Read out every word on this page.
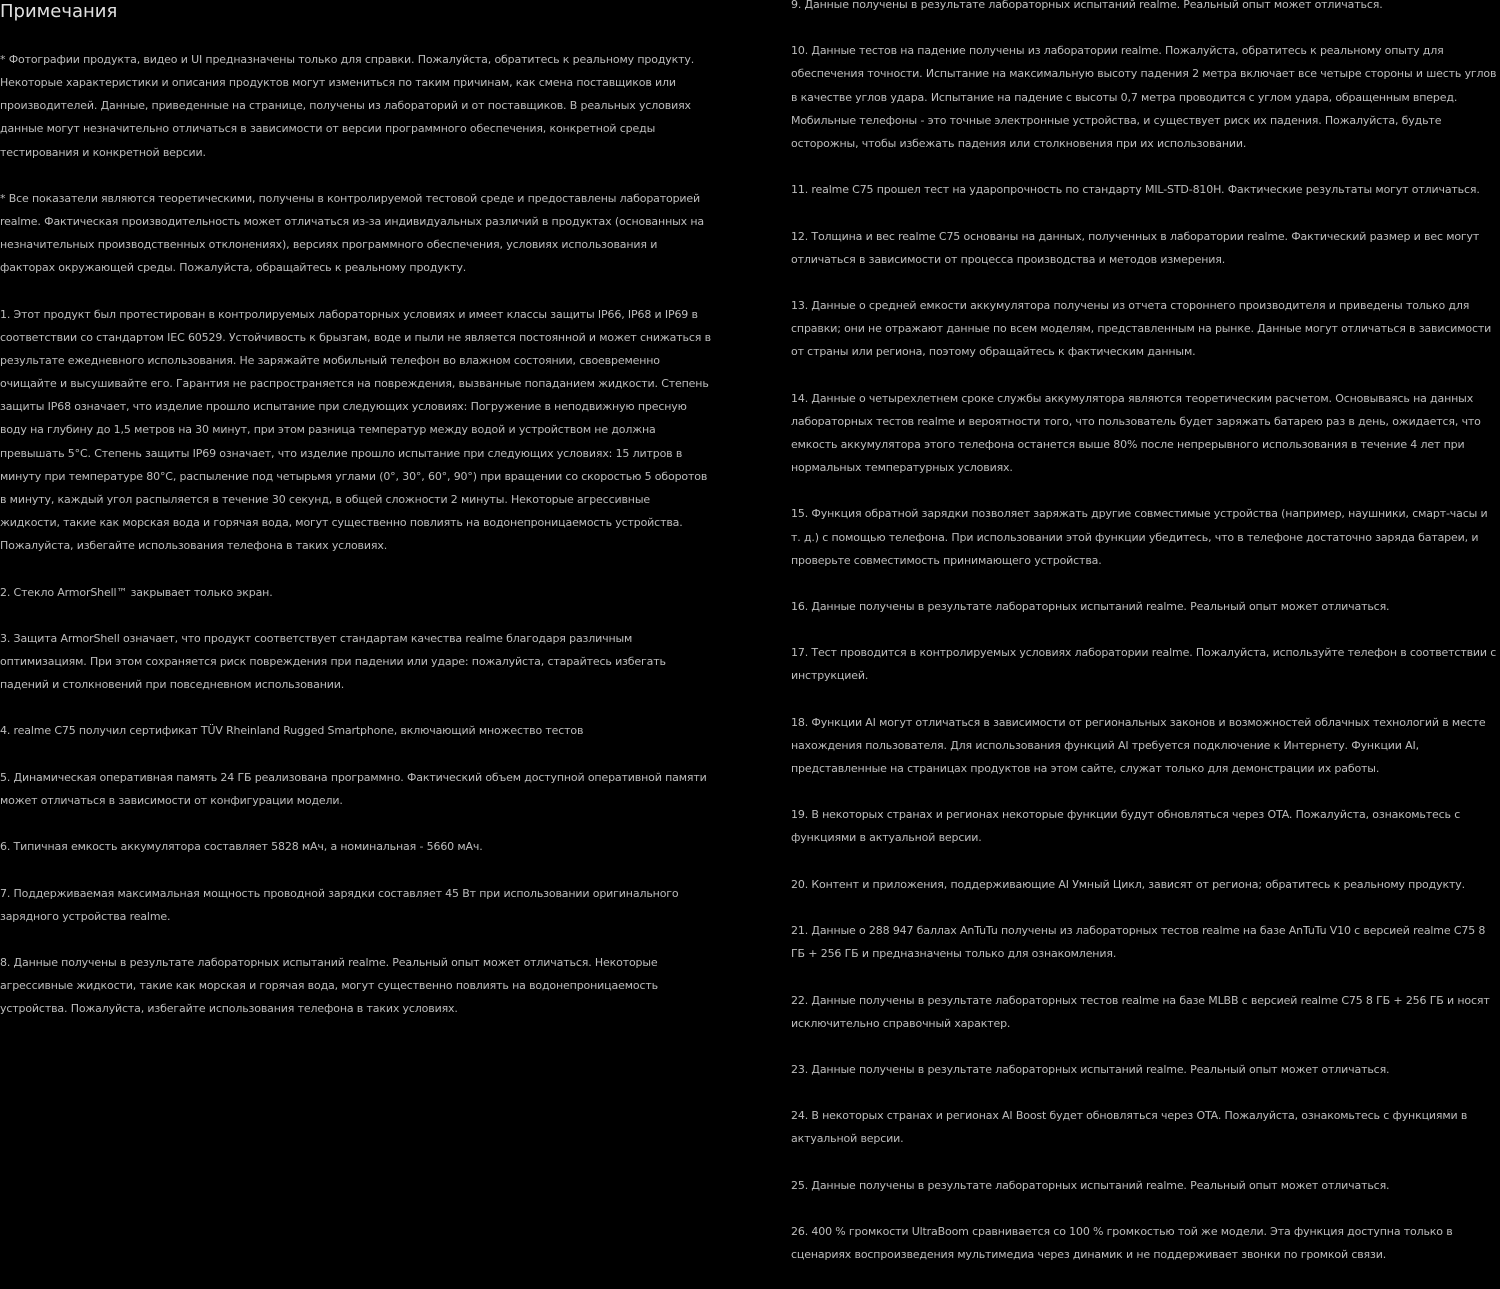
Примечания

* Фотографии продукта, видео и UI предназначены только для справки. Пожалуйста, обратитесь к реальному продукту. Некоторые характеристики и описания продуктов могут измениться по таким причинам, как смена поставщиков или производителей. Данные, приведенные на странице, получены из лабораторий и от поставщиков. В реальных условиях данные могут незначительно отличаться в зависимости от версии программного обеспечения, конкретной среды тестирования и конкретной версии.

* Все показатели являются теоретическими, получены в контролируемой тестовой среде и предоставлены лабораторией realme. Фактическая производительность может отличаться из-за индивидуальных различий в продуктах (основанных на незначительных производственных отклонениях), версиях программного обеспечения, условиях использования и факторах окружающей среды. Пожалуйста, обращайтесь к реальному продукту.

1. Этот продукт был протестирован в контролируемых лабораторных условиях и имеет классы защиты IP66, IP68 и IP69 в соответствии со стандартом IEC 60529. Устойчивость к брызгам, воде и пыли не является постоянной и может снижаться в результате ежедневного использования. Не заряжайте мобильный телефон во влажном состоянии, своевременно очищайте и высушивайте его. Гарантия не распространяется на повреждения, вызванные попаданием жидкости. Степень защиты IP68 означает, что изделие прошло испытание при следующих условиях: Погружение в неподвижную пресную воду на глубину до 1,5 метров на 30 минут, при этом разница температур между водой и устройством не должна превышать 5°C. Степень защиты IP69 означает, что изделие прошло испытание при следующих условиях: 15 литров в минуту при температуре 80°C, распыление под четырьмя углами (0°, 30°, 60°, 90°) при вращении со скоростью 5 оборотов в минуту, каждый угол распыляется в течение 30 секунд, в общей сложности 2 минуты. Некоторые агрессивные жидкости, такие как морская вода и горячая вода, могут существенно повлиять на водонепроницаемость устройства. Пожалуйста, избегайте использования телефона в таких условиях.

2. Стекло ArmorShell™ закрывает только экран.

3. Защита ArmorShell означает, что продукт соответствует стандартам качества realme благодаря различным оптимизациям. При этом сохраняется риск повреждения при падении или ударе: пожалуйста, старайтесь избегать падений и столкновений при повседневном использовании.

4. realme C75 получил сертификат TÜV Rheinland Rugged Smartphone, включающий множество тестов

5. Динамическая оперативная память 24 ГБ реализована программно. Фактический объем доступной оперативной памяти может отличаться в зависимости от конфигурации модели.

6. Типичная емкость аккумулятора составляет 5828 мАч, а номинальная - 5660 мАч.

7. Поддерживаемая максимальная мощность проводной зарядки составляет 45 Вт при использовании оригинального зарядного устройства realme.

8. Данные получены в результате лабораторных испытаний realme. Реальный опыт может отличаться. Некоторые агрессивные жидкости, такие как морская и горячая вода, могут существенно повлиять на водонепроницаемость устройства. Пожалуйста, избегайте использования телефона в таких условиях.

9. Данные получены в результате лабораторных испытаний realme. Реальный опыт может отличаться.

10. Данные тестов на падение получены из лаборатории realme. Пожалуйста, обратитесь к реальному опыту для обеспечения точности. Испытание на максимальную высоту падения 2 метра включает все четыре стороны и шесть углов в качестве углов удара. Испытание на падение с высоты 0,7 метра проводится с углом удара, обращенным вперед. Мобильные телефоны - это точные электронные устройства, и существует риск их падения. Пожалуйста, будьте осторожны, чтобы избежать падения или столкновения при их использовании.

11. realme C75 прошел тест на ударопрочность по стандарту MIL-STD-810H. Фактические результаты могут отличаться.

12. Толщина и вес realme C75 основаны на данных, полученных в лаборатории realme. Фактический размер и вес могут отличаться в зависимости от процесса производства и методов измерения.

13. Данные о средней емкости аккумулятора получены из отчета стороннего производителя и приведены только для справки; они не отражают данные по всем моделям, представленным на рынке. Данные могут отличаться в зависимости от страны или региона, поэтому обращайтесь к фактическим данным.

14. Данные о четырехлетнем сроке службы аккумулятора являются теоретическим расчетом. Основываясь на данных лабораторных тестов realme и вероятности того, что пользователь будет заряжать батарею раз в день, ожидается, что емкость аккумулятора этого телефона останется выше 80% после непрерывного использования в течение 4 лет при нормальных температурных условиях.

15. Функция обратной зарядки позволяет заряжать другие совместимые устройства (например, наушники, смарт-часы и т. д.) с помощью телефона. При использовании этой функции убедитесь, что в телефоне достаточно заряда батареи, и проверьте совместимость принимающего устройства.

16. Данные получены в результате лабораторных испытаний realme. Реальный опыт может отличаться.

17. Тест проводится в контролируемых условиях лаборатории realme. Пожалуйста, используйте телефон в соответствии с инструкцией.

18. Функции AI могут отличаться в зависимости от региональных законов и возможностей облачных технологий в месте нахождения пользователя. Для использования функций AI требуется подключение к Интернету. Функции AI, представленные на страницах продуктов на этом сайте, служат только для демонстрации их работы.

19. В некоторых странах и регионах некоторые функции будут обновляться через OTA. Пожалуйста, ознакомьтесь с функциями в актуальной версии.

20. Контент и приложения, поддерживающие AI Умный Цикл, зависят от региона; обратитесь к реальному продукту.

21. Данные о 288 947 баллах AnTuTu получены из лабораторных тестов realme на базе AnTuTu V10 с версией realme C75 8 ГБ + 256 ГБ и предназначены только для ознакомления.

22. Данные получены в результате лабораторных тестов realme на базе MLBB с версией realme C75 8 ГБ + 256 ГБ и носят исключительно справочный характер.

23. Данные получены в результате лабораторных испытаний realme. Реальный опыт может отличаться.

24. В некоторых странах и регионах AI Boost будет обновляться через OTA. Пожалуйста, ознакомьтесь с функциями в актуальной версии.

25. Данные получены в результате лабораторных испытаний realme. Реальный опыт может отличаться.

26. 400 % громкости UltraBoom сравнивается со 100 % громкостью той же модели. Эта функция доступна только в сценариях воспроизведения мультимедиа через динамик и не поддерживает звонки по громкой связи.
